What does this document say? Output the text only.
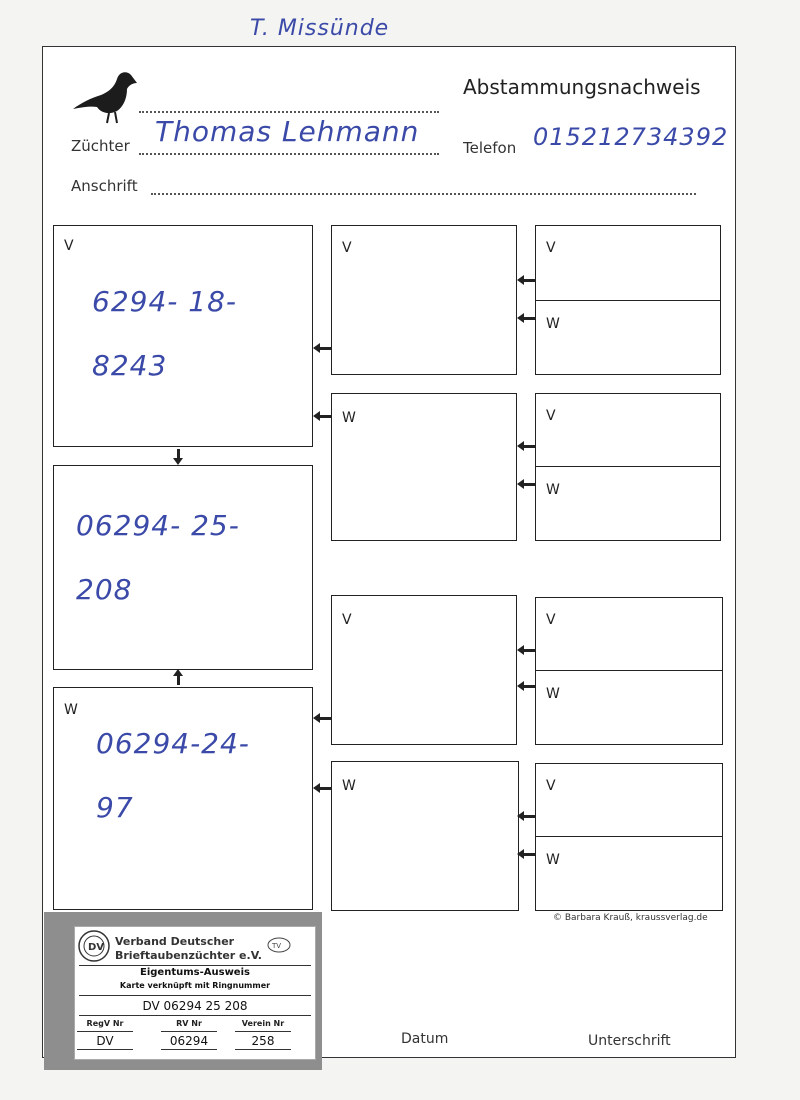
T. Missünde
Abstammungsnachweis
Züchter Thomas Lehmann	Telefon 015212734392
Anschrift
V
6294- 18-
8243
06294- 25-
208
W
06294-24-
97
V
W
V
W
V
W
V
W
V
W
V
W
© Barbara Krauß, kraussverlag.de
Datum	Unterschrift
DV Verband Deutscher
Brieftaubenzüchter e.V.
TV
Eigentums-Ausweis
Karte verknüpft mit Ringnummer
DV 06294 25 208
RegV Nr	RV Nr	Verein Nr
DV	06294	258
